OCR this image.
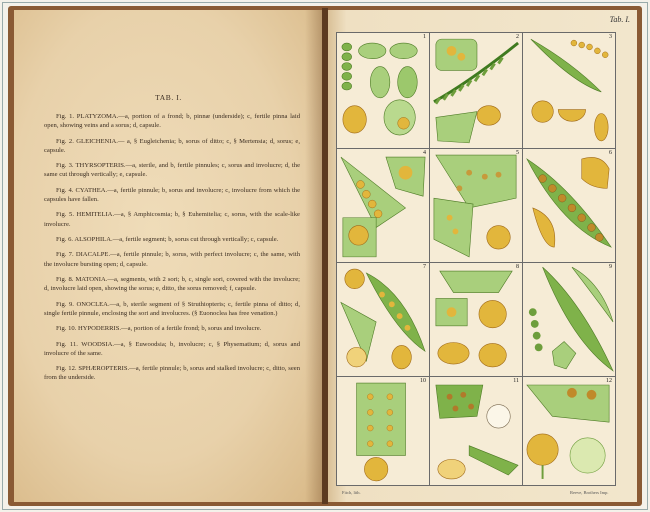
TAB. I.

Fig. 1. PLATYZOMA.—a, portion of a frond; b, pinnæ (underside); c, fertile pinna laid open, showing veins and a sorus; d, capsule.

Fig. 2. GLEICHENIA.— a, § Eugleichenia; b, sorus of ditto; c, § Mertensia; d, sorus; e, capsule.

Fig. 3. THYRSOPTERIS.—a, sterile, and b, fertile pinnules; c, sorus and involucre; d, the same cut through vertically; e, capsule.

Fig. 4. CYATHEA.—a, fertile pinnule; b, sorus and involucre; c, involucre from which the capsules have fallen.

Fig. 5. HEMITELIA.—a, § Amphicosmia; b, § Euhemitelia; c, sorus, with the scale-like involucre.

Fig. 6. ALSOPHILA.—a, fertile segment; b, sorus cut through vertically; c, capsule.

Fig. 7. DIACALPE.—a, fertile pinnule; b, sorus, with perfect involucre; c, the same, with the involucre bursting open; d, capsule.

Fig. 8. MATONIA.—a, segments, with 2 sori; b, c, single sori, covered with the involucre; d, involucre laid open, showing the sorus; e, ditto, the sorus removed; f, capsule.

Fig. 9. ONOCLEA.—a, b, sterile segment of § Struthiopteris; c, fertile pinna of ditto; d, single fertile pinnule, enclosing the sori and involucres. (§ Euonoclea has free venation.)

Fig. 10. HYPODERRIS.—a, portion of a fertile frond; b, sorus and involucre.

Fig. 11. WOODSIA.—a, § Euwoodsia; b, involucre; c, § Physematium; d, sorus and involucre of the same.

Fig. 12. SPHÆROPTERIS.—a, fertile pinnule; b, sorus and stalked involucre; c, ditto, seen from the underside.

Tab. I.
1	2	3
4	5	6
7	8	9
10	11	12
Fitch, lith.	Reeve, Brothers Imp.
